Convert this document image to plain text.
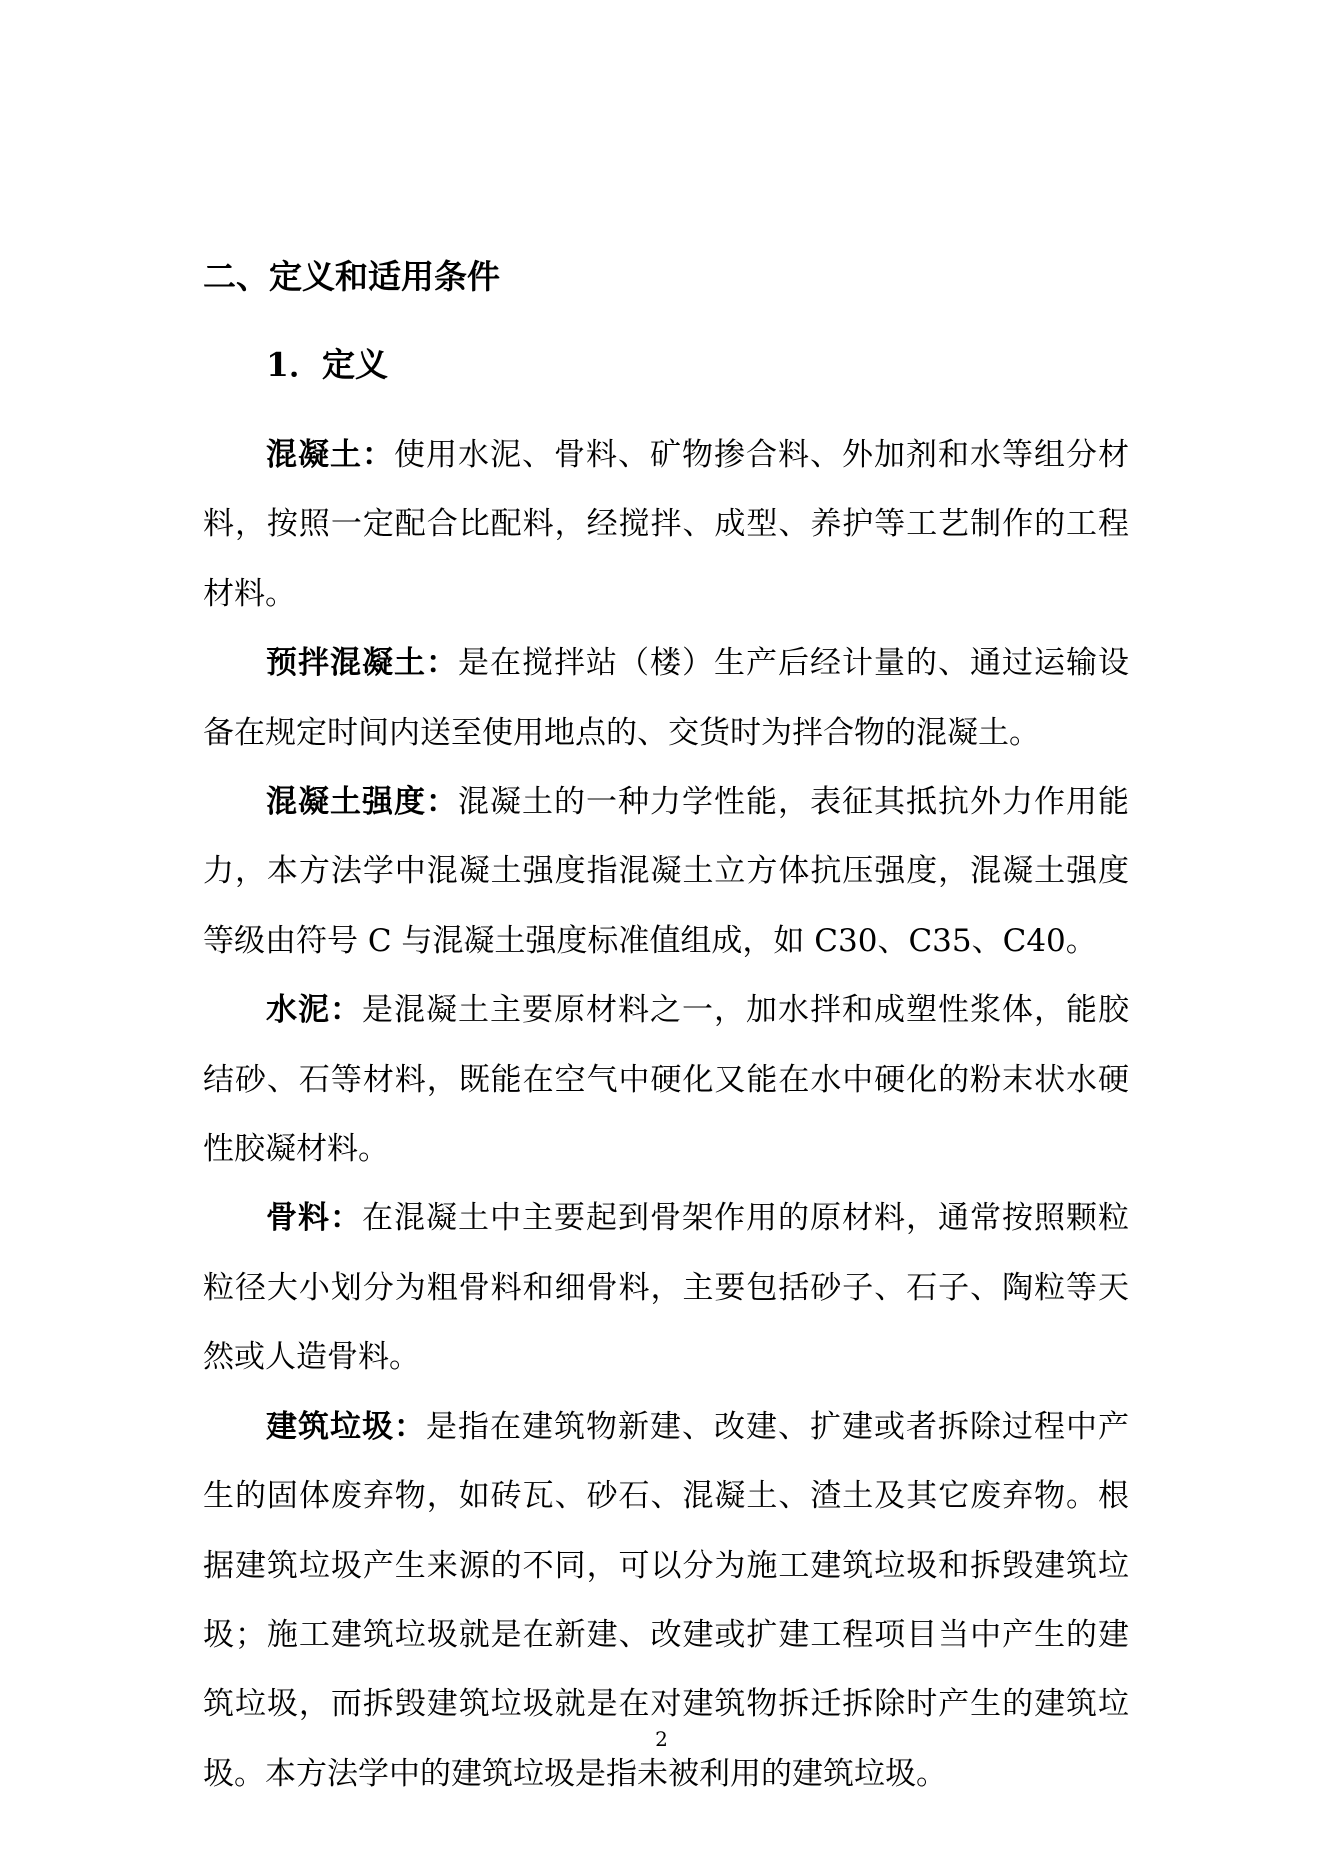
二、定义和适用条件
1．定义

混凝土：使用水泥、骨料、矿物掺合料、外加剂和水等组分材料，按照一定配合比配料，经搅拌、成型、养护等工艺制作的工程材料。

预拌混凝土：是在搅拌站（楼）生产后经计量的、通过运输设备在规定时间内送至使用地点的、交货时为拌合物的混凝土。

混凝土强度：混凝土的一种力学性能，表征其抵抗外力作用能力，本方法学中混凝土强度指混凝土立方体抗压强度，混凝土强度等级由符号 C 与混凝土强度标准值组成，如 C30、C35、C40。

水泥：是混凝土主要原材料之一，加水拌和成塑性浆体，能胶结砂、石等材料，既能在空气中硬化又能在水中硬化的粉末状水硬性胶凝材料。

骨料：在混凝土中主要起到骨架作用的原材料，通常按照颗粒粒径大小划分为粗骨料和细骨料，主要包括砂子、石子、陶粒等天然或人造骨料。

建筑垃圾：是指在建筑物新建、改建、扩建或者拆除过程中产生的固体废弃物，如砖瓦、砂石、混凝土、渣土及其它废弃物。根据建筑垃圾产生来源的不同，可以分为施工建筑垃圾和拆毁建筑垃圾；施工建筑垃圾就是在新建、改建或扩建工程项目当中产生的建筑垃圾，而拆毁建筑垃圾就是在对建筑物拆迁拆除时产生的建筑垃圾。本方法学中的建筑垃圾是指未被利用的建筑垃圾。

2
